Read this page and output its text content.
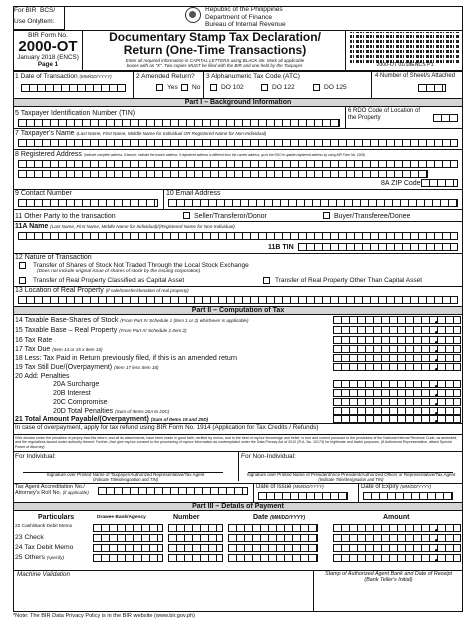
For BIR
Use Only
BCS/
Item:
Republic of the Philippines
Department of Finance
Bureau of Internal Revenue
BIR Form No.
2000-OT
January 2018 (ENCS)
Page 1
Documentary Stamp Tax Declaration/
Return (One-Time Transactions)
Enter all required information in CAPITAL LETTERS using BLACK ink. Mark all applicable
boxes with an "X". Two copies MUST be filed with the BIR and one held by the Taxpayer.	2000-OT 01/18ENCS P1
1 Date of Transaction (MM/DD/YYYY)	2 Amended Return?
Yes No
3 Alphanumeric Tax Code (ATC)
DO 102	DO 122	DO 125
4 Number of Sheet/s Attached
Part I – Background Information
5 Taxpayer Identification Number (TIN)	6 RDO Code of Location of the Property
7 Taxpayer's Name (Last Name, First Name, Middle Name for Individual OR Registered Name for Non-Individual)
8 Registered Address (Indicate complete address. If branch, indicate the branch address. If registered address is different from the current address, go to the RDO to update registered address by using BIR Form No. 1905)
8A ZIP Code
9 Contact Number	10 Email Address
11 Other Party to the transaction	Seller/Transferor/Donor	Buyer/Transferee/Donee
11A Name (Last Name, First Name, Middle Name for Individual)/(Registered Name for Non-Individual)
11B TIN
12 Nature of Transaction
Transfer of Shares of Stock Not Traded Through the Local Stock Exchange
(Does not include original issue of shares of stock by the issuing corporation)
Transfer of Real Property Classified as Capital Asset	Transfer of Real Property Other Than Capital Asset
13 Location of Real Property (if sale/transfer/donation of real property)
Part II – Computation of Tax
14 Taxable Base-Shares of Stock (From Part IV Schedule 1 (Item 1 or 2) whichever is applicable)
15 Taxable Base – Real Property (From Part IV Schedule 2 Item 2)
16 Tax Rate
17 Tax Due (Item 14 or 15 x Item 16)
18 Less: Tax Paid in Return previously filed, if this is an amended return
19 Tax Still Due/(Overpayment) (Item 17 less Item 18)
20 Add: Penalties
20A Surcharge
20B Interest
20C Compromise
20D Total Penalties (Sum of Items 20A to 20C)
21 Total Amount Payable/(Overpayment) (Sum of Items 19 and 20D)
In case of overpayment, apply for tax refund using BIR Form No. 1914 (Application for Tax Credits / Refunds)
I/We declare under the penalties of perjury that this return, and all its attachments, have been made in good faith, verified by me/us, and to the best of my/our knowledge and belief, is true and correct pursuant to the provisions of the National Internal Revenue Code, as amended, and the regulations issued under authority thereof. Further, I/we give my/our consent to the processing of my/our information as contemplated under the Data Privacy Act of 2012 (R.A. No. 10173) for legitimate and lawful purposes. (If Authorized Representative, attach Special Power of Attorney)
For Individual:	For Non-Individual:
Signature over Printed Name of Taxpayer/Authorized Representative/Tax Agent
(Indicate Title/designation and TIN)
Signature over Printed Name of President/Vice President/Authorized Officer or Representative/Tax Agent
(Indicate Title/designation and TIN)
Tax Agent Accreditation No./
Attorney's Roll No. (if applicable)
Date of Issue (MM/DD/YYYY)	Date of Expiry (MM/DD/YYYY)
Part III – Details of Payment
Particulars	Drawee Bank/Agency	Number	Date (MM/DD/YYYY)	Amount
22 Cash/Bank Debit Memo
23 Check
24 Tax Debit Memo
25 Others (specify)
Machine Validation	Stamp of Authorized Agent Bank and Date of Receipt
(Bank Teller's Initial)
*Note: The BIR Data Privacy Policy is in the BIR website (www.bir.gov.ph)
